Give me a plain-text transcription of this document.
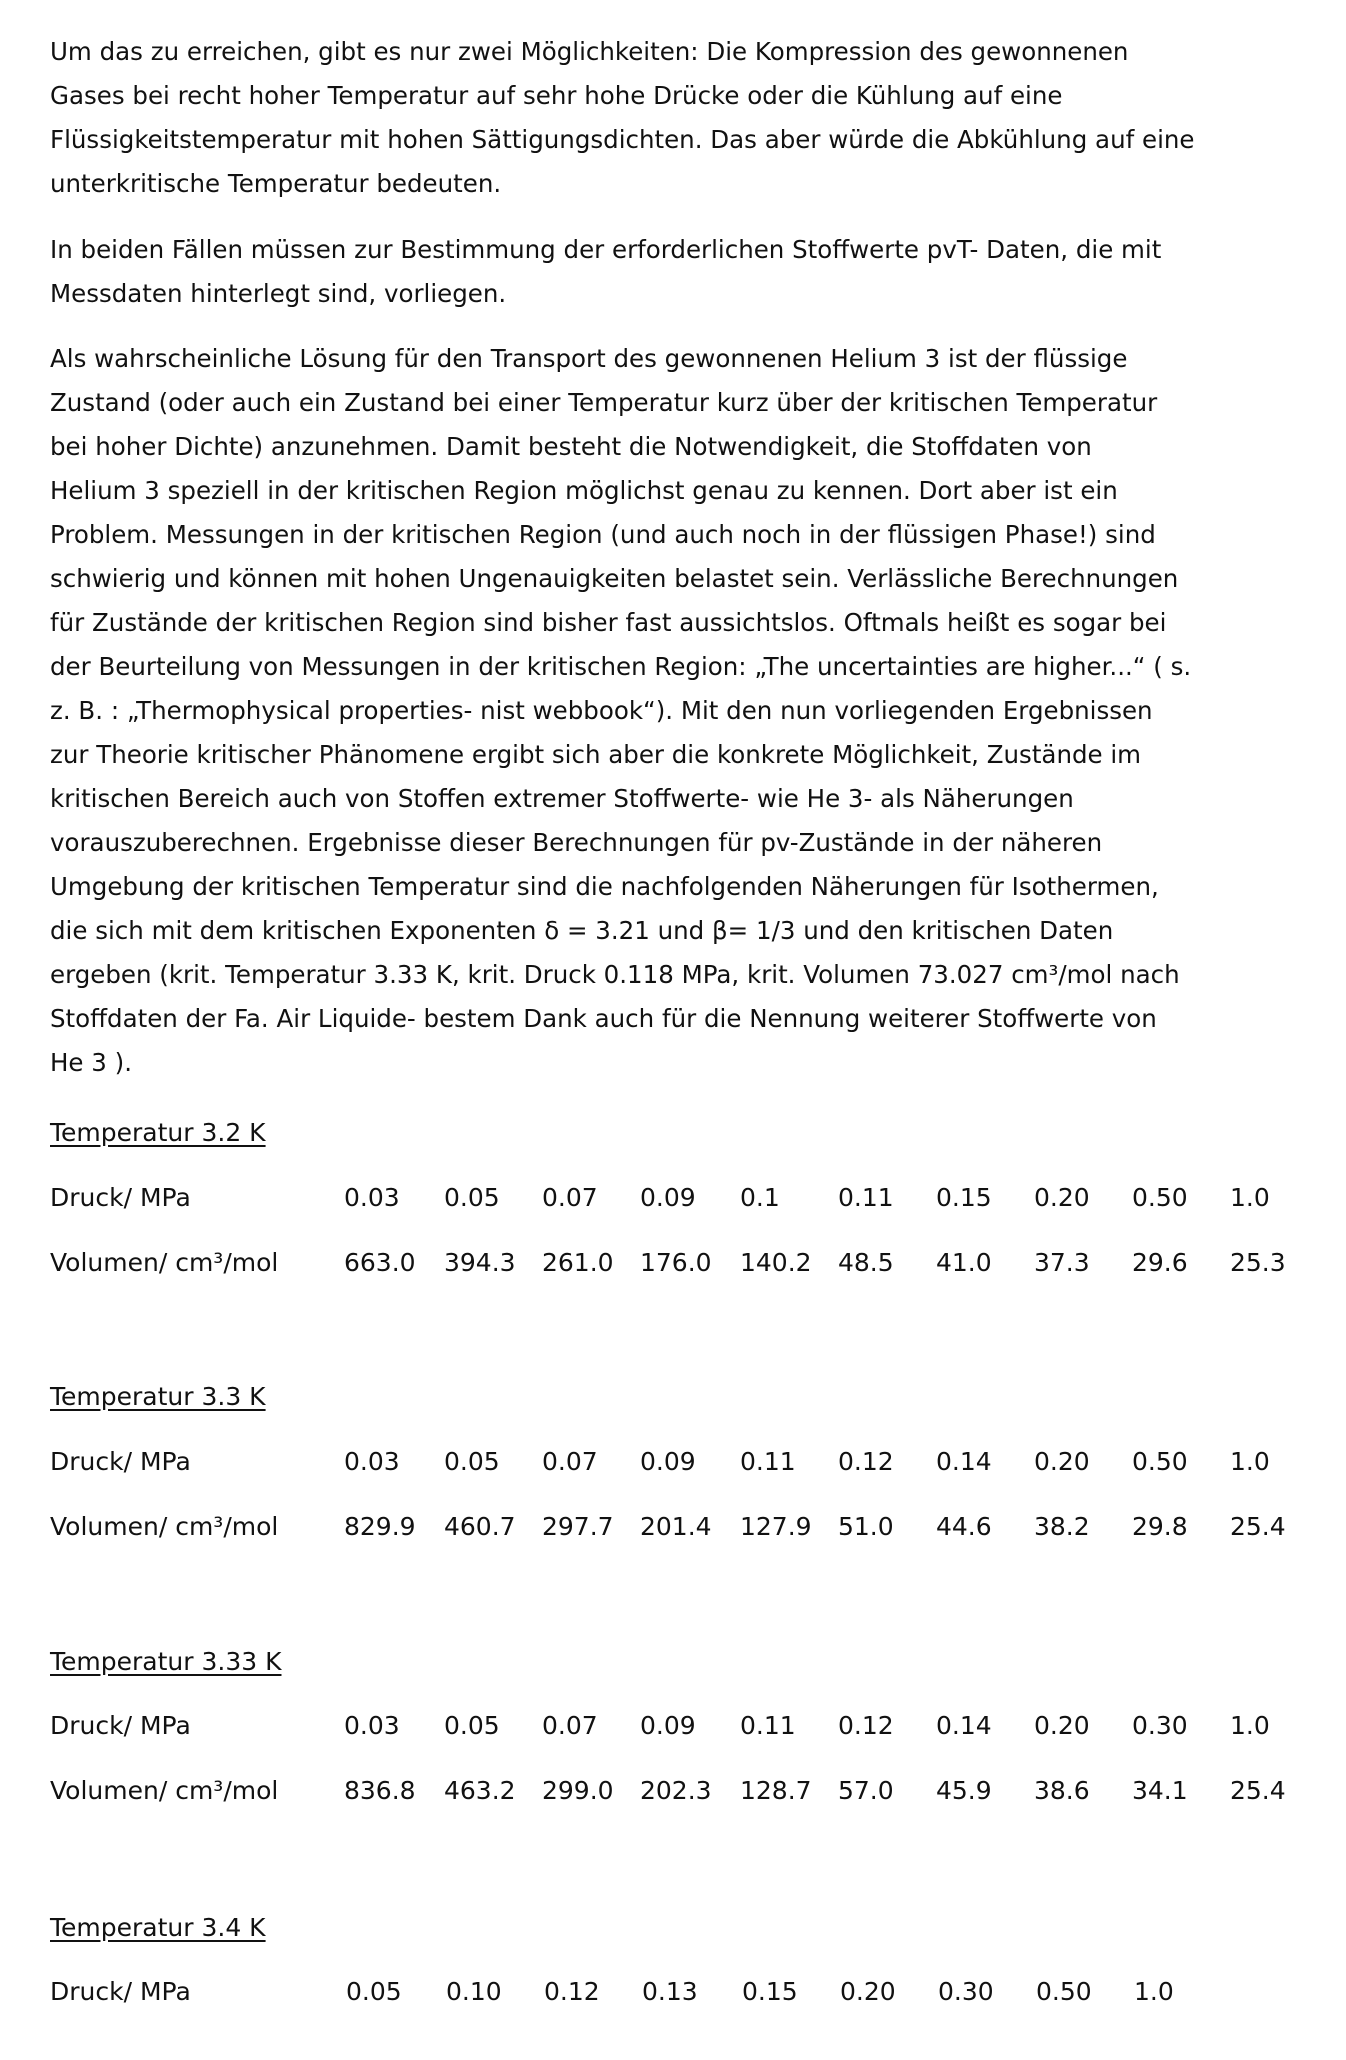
Um das zu erreichen, gibt es nur zwei Möglichkeiten: Die Kompression des gewonnenen
Gases bei recht hoher Temperatur auf sehr hohe Drücke oder die Kühlung auf eine
Flüssigkeitstemperatur mit hohen Sättigungsdichten. Das aber würde die Abkühlung auf eine
unterkritische Temperatur bedeuten.

In beiden Fällen müssen zur Bestimmung der erforderlichen Stoffwerte pvT- Daten, die mit
Messdaten hinterlegt sind, vorliegen.

Als wahrscheinliche Lösung für den Transport des gewonnenen Helium 3 ist der flüssige
Zustand (oder auch ein Zustand bei einer Temperatur kurz über der kritischen Temperatur
bei hoher Dichte) anzunehmen. Damit besteht die Notwendigkeit, die Stoffdaten von
Helium 3 speziell in der kritischen Region möglichst genau zu kennen. Dort aber ist ein
Problem. Messungen in der kritischen Region (und auch noch in der flüssigen Phase!) sind
schwierig und können mit hohen Ungenauigkeiten belastet sein. Verlässliche Berechnungen
für Zustände der kritischen Region sind bisher fast aussichtslos. Oftmals heißt es sogar bei
der Beurteilung von Messungen in der kritischen Region: „The uncertainties are higher...“ ( s.
z. B. : „Thermophysical properties- nist webbook“). Mit den nun vorliegenden Ergebnissen
zur Theorie kritischer Phänomene ergibt sich aber die konkrete Möglichkeit, Zustände im
kritischen Bereich auch von Stoffen extremer Stoffwerte- wie He 3- als Näherungen
vorauszuberechnen. Ergebnisse dieser Berechnungen für pv-Zustände in der näheren
Umgebung der kritischen Temperatur sind die nachfolgenden Näherungen für Isothermen,
die sich mit dem kritischen Exponenten δ = 3.21 und β= 1/3 und den kritischen Daten
ergeben (krit. Temperatur 3.33 K, krit. Druck 0.118 MPa, krit. Volumen 73.027 cm³/mol nach
Stoffdaten der Fa. Air Liquide- bestem Dank auch für die Nennung weiterer Stoffwerte von
He 3 ).

Temperatur 3.2 K
Druck/ MPa	0.03 0.05 0.07 0.09 0.1 0.11 0.15 0.20 0.50 1.0
Volumen/ cm³/mol	663.0 394.3 261.0 176.0 140.2 48.5 41.0 37.3 29.6 25.3
Temperatur 3.3 K
Druck/ MPa	0.03 0.05 0.07 0.09 0.11 0.12 0.14 0.20 0.50 1.0
Volumen/ cm³/mol	829.9 460.7 297.7 201.4 127.9 51.0 44.6 38.2 29.8 25.4
Temperatur 3.33 K
Druck/ MPa	0.03 0.05 0.07 0.09 0.11 0.12 0.14 0.20 0.30 1.0
Volumen/ cm³/mol	836.8 463.2 299.0 202.3 128.7 57.0 45.9 38.6 34.1 25.4
Temperatur 3.4 K
Druck/ MPa	0.05 0.10 0.12 0.13 0.15 0.20 0.30 0.50 1.0
